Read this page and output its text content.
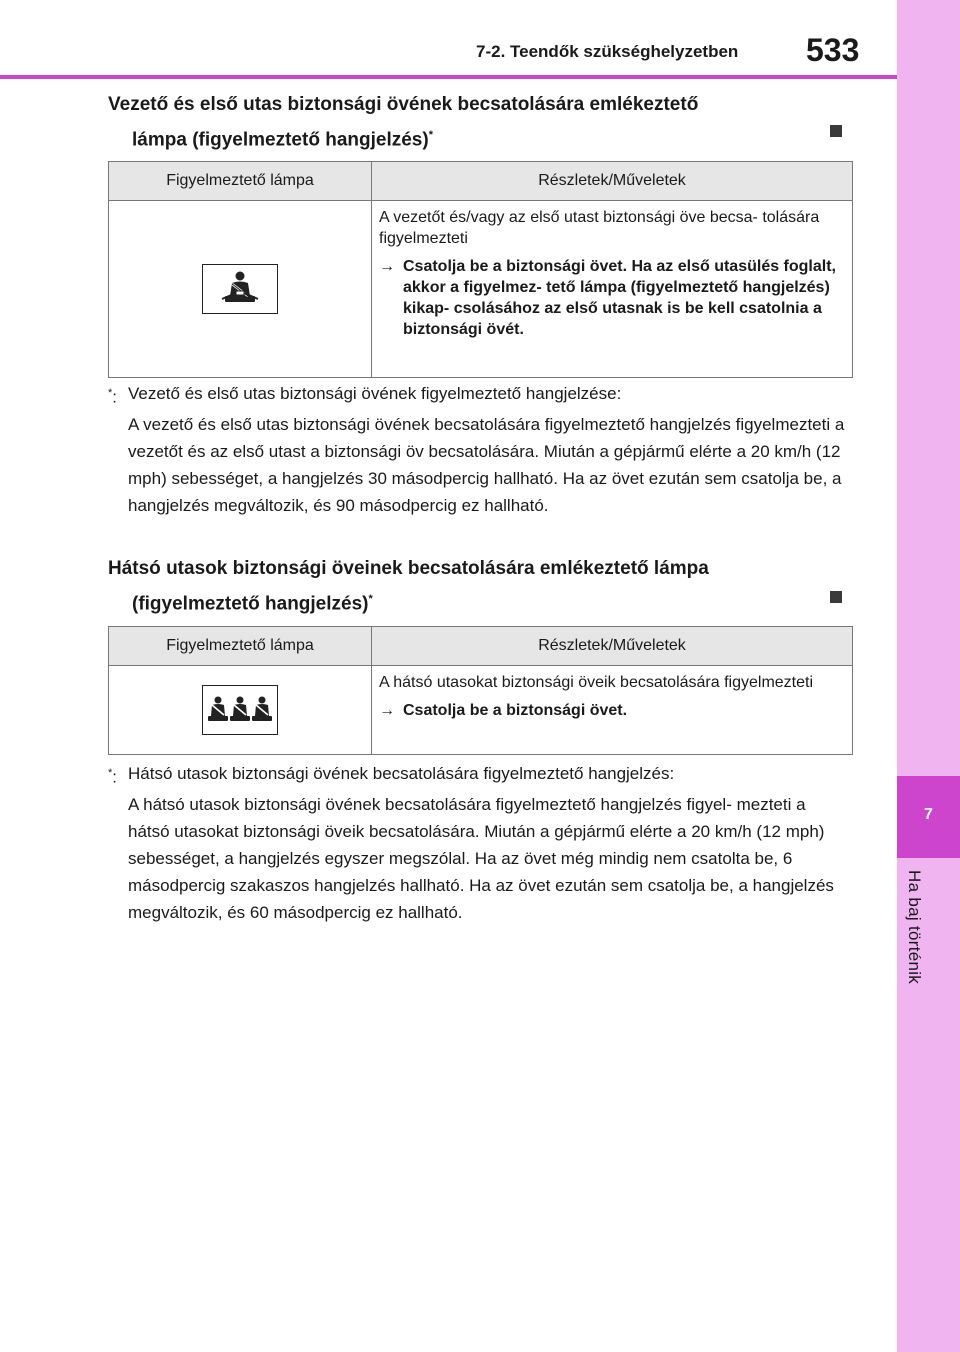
7
Ha baj történik
7-2. Teendők szükséghelyzetben 533
Vezető és első utas biztonsági övének becsatolására emlékeztető
lámpa (figyelmeztető hangjelzés)*
Figyelmeztető lámpa	Részletek/Műveletek

A vezetőt és/vagy az első utast biztonsági öve becsa- tolására figyelmezteti

→ Csatolja be a biztonsági övet. Ha az első utasülés foglalt, akkor a figyelmez- tető lámpa (figyelmeztető hangjelzés) kikap- csolásához az első utasnak is be kell csatolnia a biztonsági övét.
*: Vezető és első utas biztonsági övének figyelmeztető hangjelzése:
A vezető és első utas biztonsági övének becsatolására figyelmeztető hangjelzés figyelmezteti a vezetőt és az első utast a biztonsági öv becsatolására. Miután a gépjármű elérte a 20 km/h (12 mph) sebességet, a hangjelzés 30 másodpercig hallható. Ha az övet ezután sem csatolja be, a hangjelzés megváltozik, és 90 másodpercig ez hallható.
Hátsó utasok biztonsági öveinek becsatolására emlékeztető lámpa
(figyelmeztető hangjelzés)*
Figyelmeztető lámpa	Részletek/Műveletek

A hátsó utasokat biztonsági öveik becsatolására figyelmezteti

→ Csatolja be a biztonsági övet.
*: Hátsó utasok biztonsági övének becsatolására figyelmeztető hangjelzés:
A hátsó utasok biztonsági övének becsatolására figyelmeztető hangjelzés figyel- mezteti a hátsó utasokat biztonsági öveik becsatolására. Miután a gépjármű elérte a 20 km/h (12 mph) sebességet, a hangjelzés egyszer megszólal. Ha az övet még mindig nem csatolta be, 6 másodpercig szakaszos hangjelzés hallható. Ha az övet ezután sem csatolja be, a hangjelzés megváltozik, és 60 másodpercig ez hallható.
